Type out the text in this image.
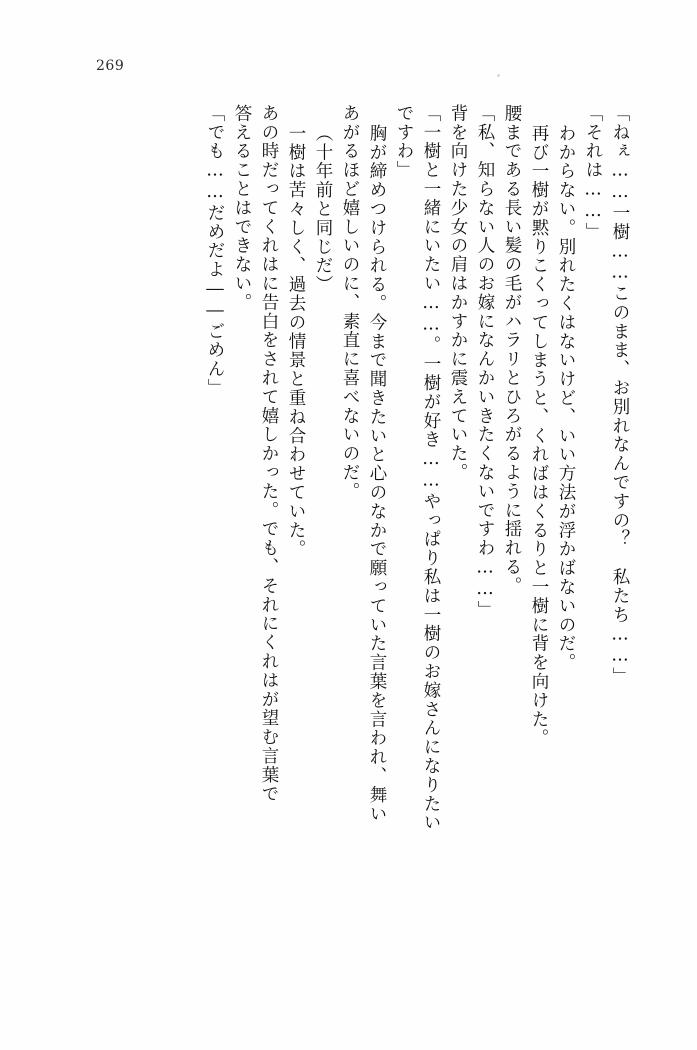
269
「ねぇ……一樹……このまま、お別れなんですの？　私たち……」
「それは……」
わからない。別れたくはないけど、いい方法が浮かばないのだ。
再び一樹が黙りこくってしまうと、くればはくるりと一樹に背を向けた。
腰まである長い髪の毛がハラリとひろがるように揺れる。
「私、知らない人のお嫁になんかいきたくないですわ……」
背を向けた少女の肩はかすかに震えていた。
「一樹と一緒にいたい……。一樹が好き……やっぱり私は一樹のお嫁さんになりたい
ですわ」
胸が締めつけられる。今まで聞きたいと心のなかで願っていた言葉を言われ、舞い
あがるほど嬉しいのに、素直に喜べないのだ。
（十年前と同じだ）
一樹は苦々しく、過去の情景と重ね合わせていた。
あの時だってくれはに告白をされて嬉しかった。でも、それにくれはが望む言葉で
答えることはできない。
「でも……だめだよ――ごめん」
